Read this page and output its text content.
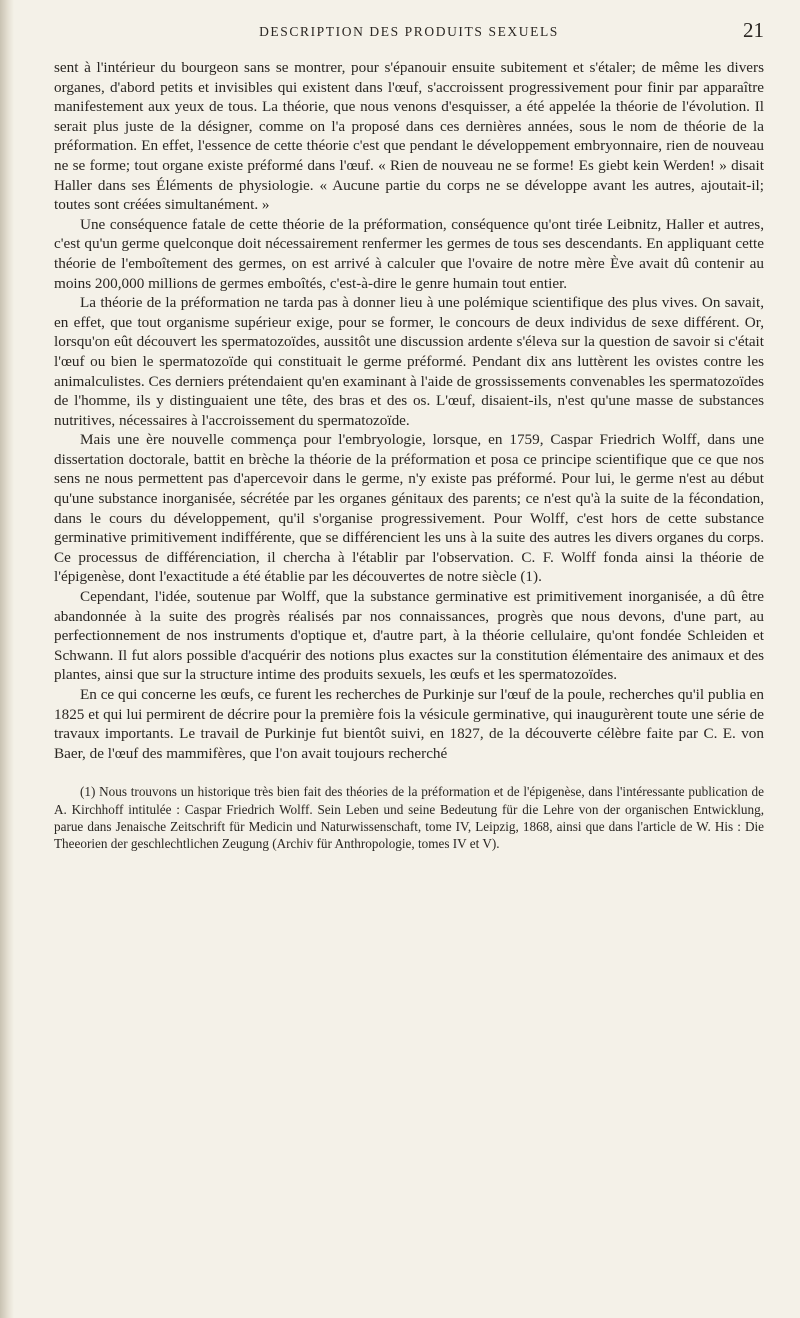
DESCRIPTION DES PRODUITS SEXUELS	21

sent à l'intérieur du bourgeon sans se montrer, pour s'épanouir ensuite subitement et s'étaler; de même les divers organes, d'abord petits et invisibles qui existent dans l'œuf, s'accroissent progressivement pour finir par apparaître manifestement aux yeux de tous. La théorie, que nous venons d'esquisser, a été appelée la théorie de l'évolution. Il serait plus juste de la désigner, comme on l'a proposé dans ces dernières années, sous le nom de théorie de la préformation. En effet, l'essence de cette théorie c'est que pendant le développement embryonnaire, rien de nouveau ne se forme; tout organe existe préformé dans l'œuf. « Rien de nouveau ne se forme! Es giebt kein Werden! » disait Haller dans ses Éléments de physiologie. « Aucune partie du corps ne se développe avant les autres, ajoutait-il; toutes sont créées simultanément. »

Une conséquence fatale de cette théorie de la préformation, conséquence qu'ont tirée Leibnitz, Haller et autres, c'est qu'un germe quelconque doit nécessairement renfermer les germes de tous ses descendants. En appliquant cette théorie de l'emboîtement des germes, on est arrivé à calculer que l'ovaire de notre mère Ève avait dû contenir au moins 200,000 millions de germes emboîtés, c'est-à-dire le genre humain tout entier.

La théorie de la préformation ne tarda pas à donner lieu à une polémique scientifique des plus vives. On savait, en effet, que tout organisme supérieur exige, pour se former, le concours de deux individus de sexe différent. Or, lorsqu'on eût découvert les spermatozoïdes, aussitôt une discussion ardente s'éleva sur la question de savoir si c'était l'œuf ou bien le spermatozoïde qui constituait le germe préformé. Pendant dix ans luttèrent les ovistes contre les animalculistes. Ces derniers prétendaient qu'en examinant à l'aide de grossissements convenables les spermatozoïdes de l'homme, ils y distinguaient une tête, des bras et des os. L'œuf, disaient-ils, n'est qu'une masse de substances nutritives, nécessaires à l'accroissement du spermatozoïde.

Mais une ère nouvelle commença pour l'embryologie, lorsque, en 1759, Caspar Friedrich Wolff, dans une dissertation doctorale, battit en brèche la théorie de la préformation et posa ce principe scientifique que ce que nos sens ne nous permettent pas d'apercevoir dans le germe, n'y existe pas préformé. Pour lui, le germe n'est au début qu'une substance inorganisée, sécrétée par les organes génitaux des parents; ce n'est qu'à la suite de la fécondation, dans le cours du développement, qu'il s'organise progressivement. Pour Wolff, c'est hors de cette substance germinative primitivement indifférente, que se différencient les uns à la suite des autres les divers organes du corps. Ce processus de différenciation, il chercha à l'établir par l'observation. C. F. Wolff fonda ainsi la théorie de l'épigenèse, dont l'exactitude a été établie par les découvertes de notre siècle (1).

Cependant, l'idée, soutenue par Wolff, que la substance germinative est primitivement inorganisée, a dû être abandonnée à la suite des progrès réalisés par nos connaissances, progrès que nous devons, d'une part, au perfectionnement de nos instruments d'optique et, d'autre part, à la théorie cellulaire, qu'ont fondée Schleiden et Schwann. Il fut alors possible d'acquérir des notions plus exactes sur la constitution élémentaire des animaux et des plantes, ainsi que sur la structure intime des produits sexuels, les œufs et les spermatozoïdes.

En ce qui concerne les œufs, ce furent les recherches de Purkinje sur l'œuf de la poule, recherches qu'il publia en 1825 et qui lui permirent de décrire pour la première fois la vésicule germinative, qui inaugurèrent toute une série de travaux importants. Le travail de Purkinje fut bientôt suivi, en 1827, de la découverte célèbre faite par C. E. von Baer, de l'œuf des mammifères, que l'on avait toujours recherché

(1) Nous trouvons un historique très bien fait des théories de la préformation et de l'épigenèse, dans l'intéressante publication de A. Kirchhoff intitulée : Caspar Friedrich Wolff. Sein Leben und seine Bedeutung für die Lehre von der organischen Entwicklung, parue dans Jenaische Zeitschrift für Medicin und Naturwissenschaft, tome IV, Leipzig, 1868, ainsi que dans l'article de W. His : Die Theeorien der geschlechtlichen Zeugung (Archiv für Anthropologie, tomes IV et V).
